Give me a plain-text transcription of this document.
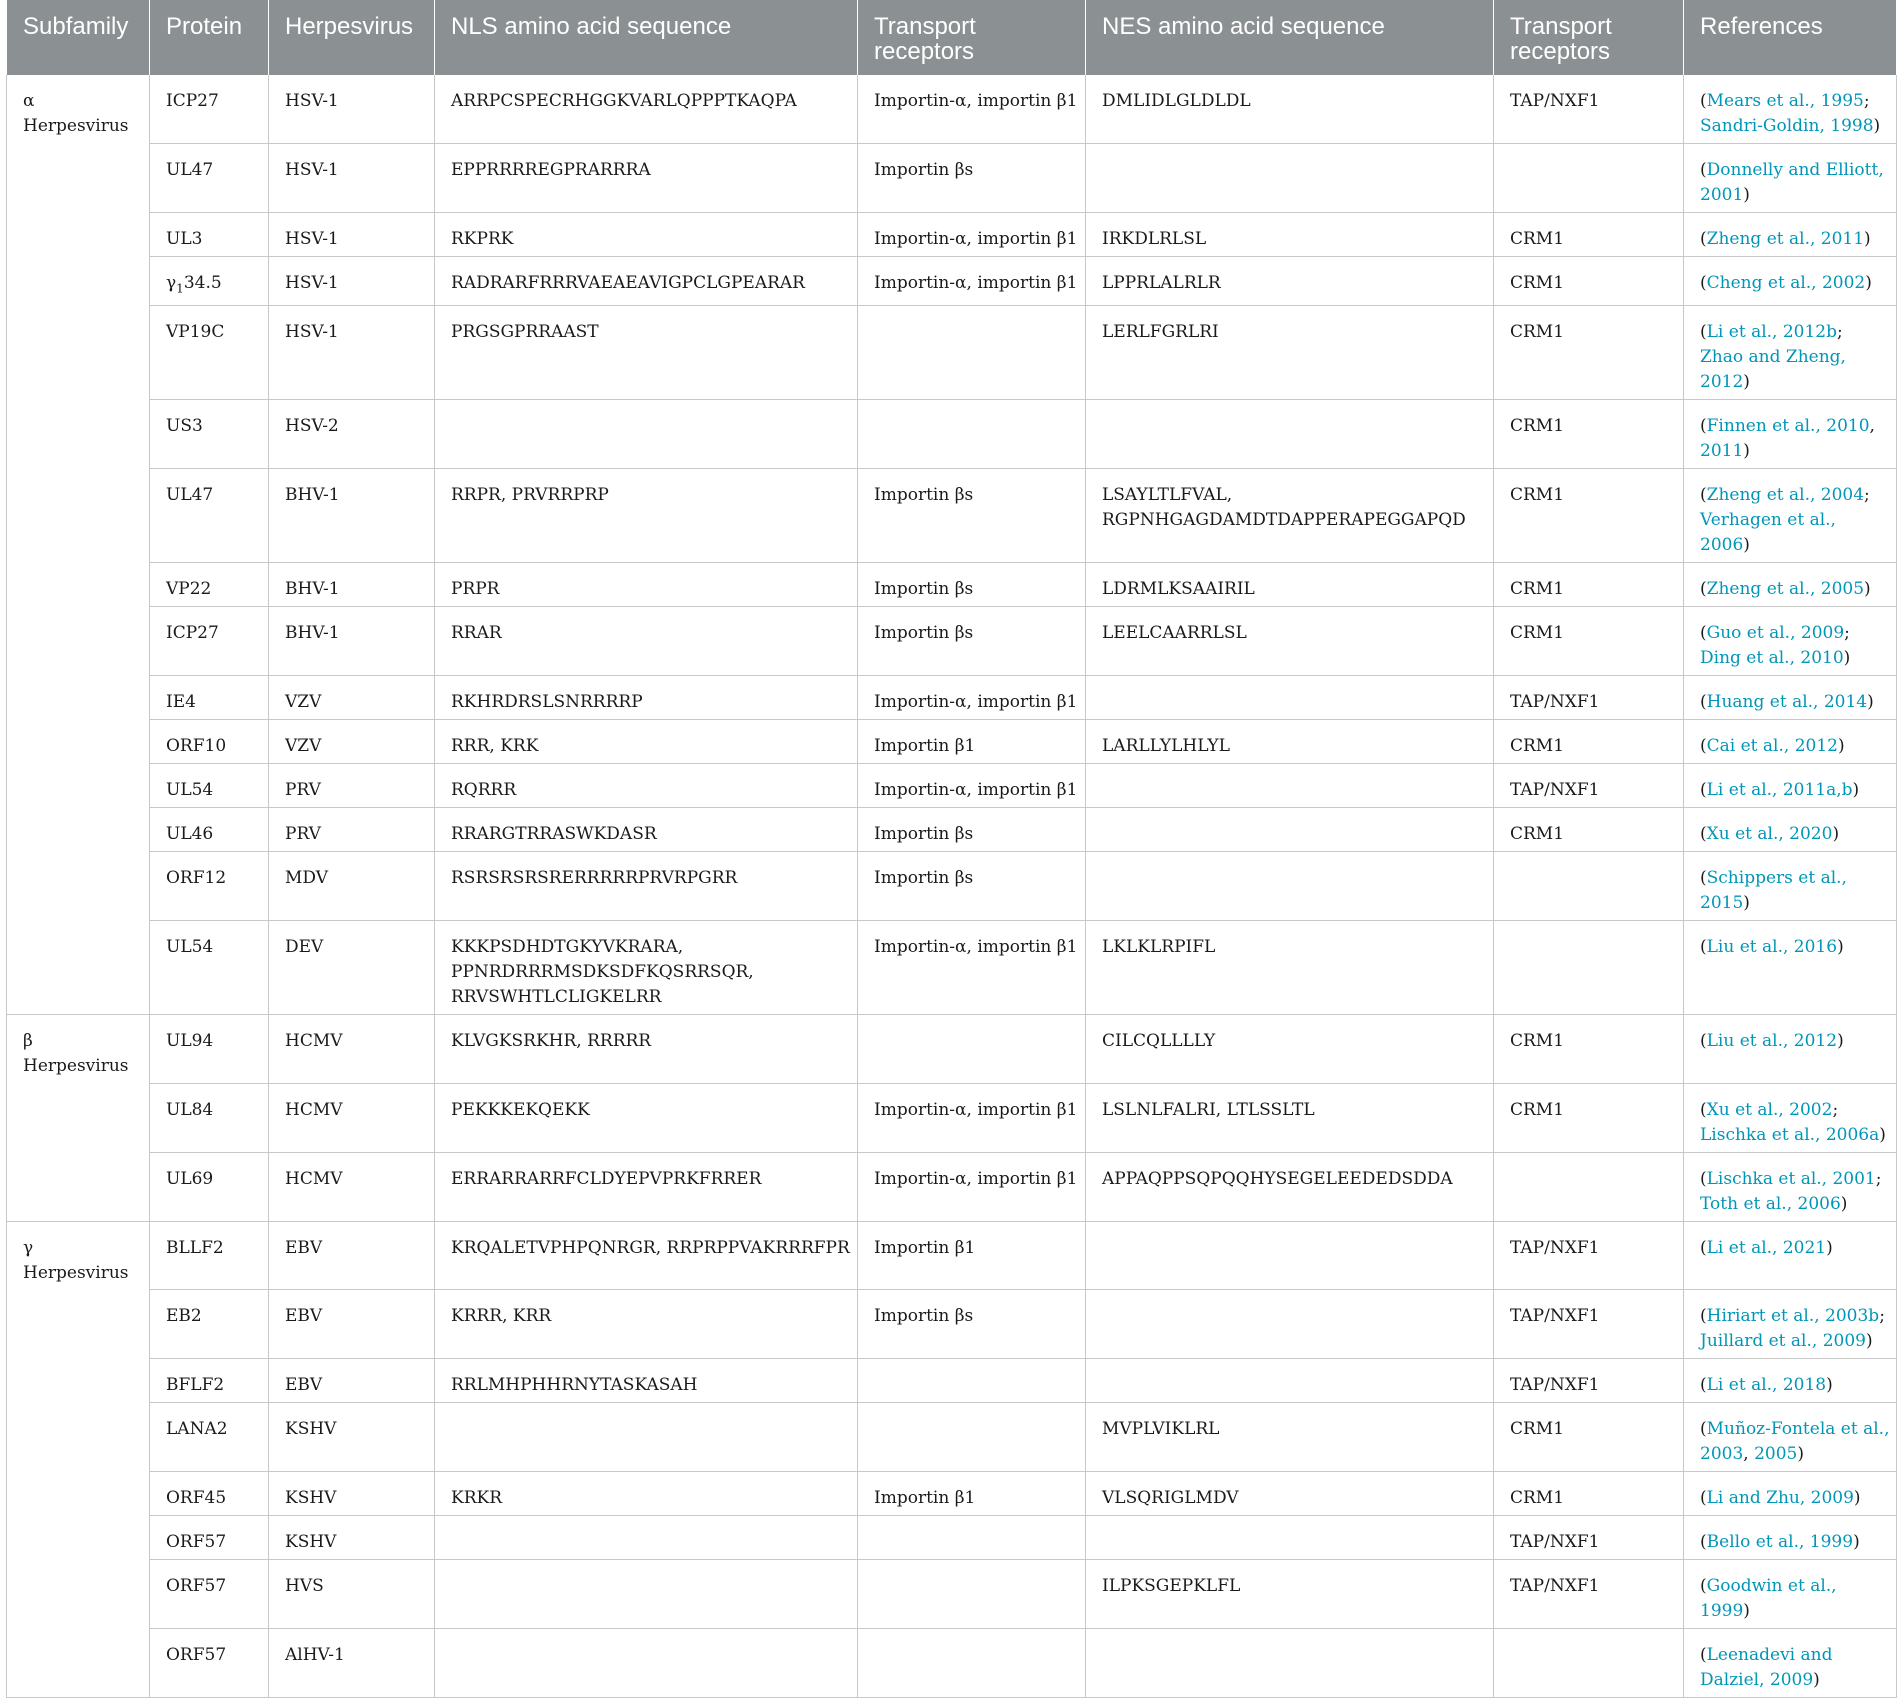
Subfamily	Protein	Herpesvirus	NLS amino acid sequence	Transport receptors	NES amino acid sequence	Transport receptors	References
α Herpesvirus	ICP27	HSV-1	ARRPCSPECRHGGKVARLQPPPTKAQPA	Importin-α, importin β1	DMLIDLGLDLDL	TAP/NXF1	(Mears et al., 1995; Sandri-Goldin, 1998)
	UL47	HSV-1	EPPRRRREGPRARRRA	Importin βs			(Donnelly and Elliott, 2001)
	UL3	HSV-1	RKPRK	Importin-α, importin β1	IRKDLRLSL	CRM1	(Zheng et al., 2011)
	$\gamma_134.5$	HSV-1	RADRARFRRRVAEAEAVIGPCLGPEARAR	Importin-α, importin β1	LPPRLALRLR	CRM1	(Cheng et al., 2002)
	VP19C	HSV-1	PRGSGPRRAAST		LERLFGRLRI	CRM1	(Li et al., 2012b; Zhao and Zheng, 2012)
	US3	HSV-2				CRM1	(Finnen et al., 2010, 2011)
	UL47	BHV-1	RRPR, PRVRRPRP	Importin βs	LSAYLTLFVAL, RGPNHGAGDAMDTDAPPERAPEGGAPQD	CRM1	(Zheng et al., 2004; Verhagen et al., 2006)
	VP22	BHV-1	PRPR	Importin βs	LDRMLKSAAIRIL	CRM1	(Zheng et al., 2005)
	ICP27	BHV-1	RRAR	Importin βs	LEELCAARRLSL	CRM1	(Guo et al., 2009; Ding et al., 2010)
	IE4	VZV	RKHRDRSLSNRRRRP	Importin-α, importin β1		TAP/NXF1	(Huang et al., 2014)
	ORF10	VZV	RRR, KRK	Importin β1	LARLLYLHLYL	CRM1	(Cai et al., 2012)
	UL54	PRV	RQRRR	Importin-α, importin β1		TAP/NXF1	(Li et al., 2011a,b)
	UL46	PRV	RRARGTRRASWKDASR	Importin βs		CRM1	(Xu et al., 2020)
	ORF12	MDV	RSRSRSRSRERRRRRPRVRPGRR	Importin βs			(Schippers et al., 2015)
	UL54	DEV	KKKPSDHDTGKYVKRARA, PPNRDRRRMSDKSDFKQSRRSQR, RRVSWHTLCLIGKELRR	Importin-α, importin β1	LKLKLRPIFL		(Liu et al., 2016)
β Herpesvirus	UL94	HCMV	KLVGKSRKHR, RRRRR		CILCQLLLLY	CRM1	(Liu et al., 2012)
	UL84	HCMV	PEKKKEKQEKK	Importin-α, importin β1	LSLNLFALRI, LTLSSLTL	CRM1	(Xu et al., 2002; Lischka et al., 2006a)
	UL69	HCMV	ERRARRARRFCLDYEPVPRKFRRER	Importin-α, importin β1	APPAQPPSQPQQHYSEGELEEDEDSDDA		(Lischka et al., 2001; Toth et al., 2006)
γ Herpesvirus	BLLF2	EBV	KRQALETVPHPQNRGR, RRPRPPVAKRRRFPR	Importin β1		TAP/NXF1	(Li et al., 2021)
	EB2	EBV	KRRR, KRR	Importin βs		TAP/NXF1	(Hiriart et al., 2003b; Juillard et al., 2009)
	BFLF2	EBV	RRLMHPHHRNYTASKASAH			TAP/NXF1	(Li et al., 2018)
	LANA2	KSHV			MVPLVIKLRL	CRM1	(Muñoz-Fontela et al., 2003, 2005)
	ORF45	KSHV	KRKR	Importin β1	VLSQRIGLMDV	CRM1	(Li and Zhu, 2009)
	ORF57	KSHV				TAP/NXF1	(Bello et al., 1999)
	ORF57	HVS			ILPKSGEPKLFL	TAP/NXF1	(Goodwin et al., 1999)
	ORF57	AlHV-1					(Leenadevi and Dalziel, 2009)
